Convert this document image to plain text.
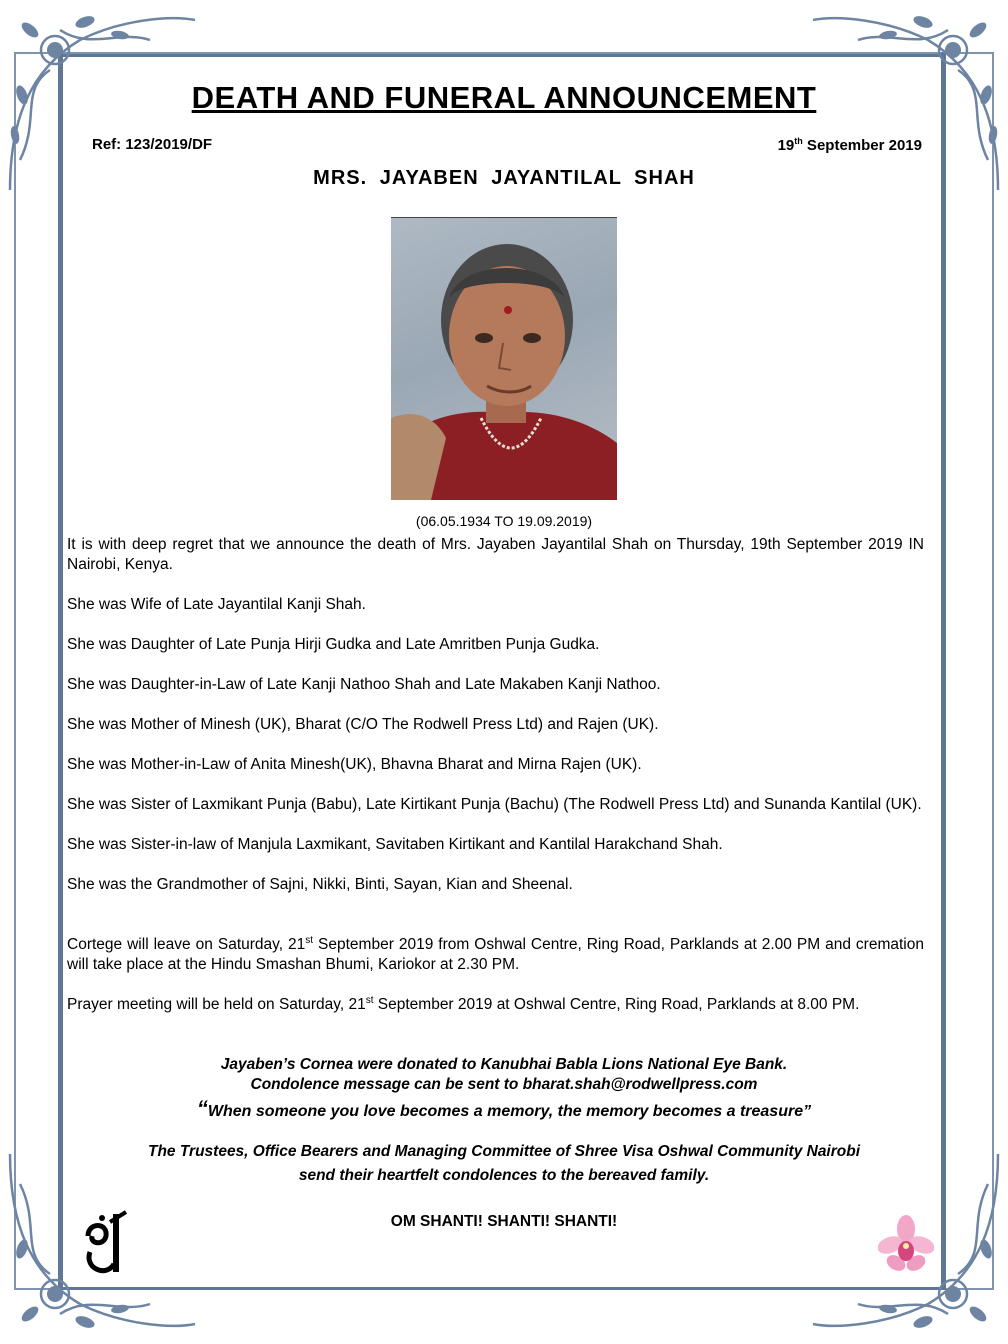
DEATH AND FUNERAL ANNOUNCEMENT
Ref: 123/2019/DF	19th September 2019
MRS. JAYABEN JAYANTILAL SHAH
(06.05.1934 TO 19.09.2019)

It is with deep regret that we announce the death of Mrs. Jayaben Jayantilal Shah on Thursday, 19th September 2019 IN Nairobi, Kenya.

She was Wife of Late Jayantilal Kanji Shah.

She was Daughter of Late Punja Hirji Gudka and Late Amritben Punja Gudka.

She was Daughter-in-Law of Late Kanji Nathoo Shah and Late Makaben Kanji Nathoo.

She was Mother of Minesh (UK), Bharat (C/O The Rodwell Press Ltd) and Rajen (UK).

She was Mother-in-Law of Anita Minesh(UK), Bhavna Bharat and Mirna Rajen (UK).

She was Sister of Laxmikant Punja (Babu), Late Kirtikant Punja (Bachu) (The Rodwell Press Ltd) and Sunanda Kantilal (UK).

She was Sister-in-law of Manjula Laxmikant, Savitaben Kirtikant and Kantilal Harakchand Shah.

She was the Grandmother of Sajni, Nikki, Binti, Sayan, Kian and Sheenal.

Cortege will leave on Saturday, 21st September 2019 from Oshwal Centre, Ring Road, Parklands at 2.00 PM and cremation will take place at the Hindu Smashan Bhumi, Kariokor at 2.30 PM.

Prayer meeting will be held on Saturday, 21st September 2019 at Oshwal Centre, Ring Road, Parklands at 8.00 PM.

Jayaben’s Cornea were donated to Kanubhai Babla Lions National Eye Bank.
Condolence message can be sent to bharat.shah@rodwellpress.com
“When someone you love becomes a memory, the memory becomes a treasure”
The Trustees, Office Bearers and Managing Committee of Shree Visa Oshwal Community Nairobi
send their heartfelt condolences to the bereaved family.
OM SHANTI! SHANTI! SHANTI!
